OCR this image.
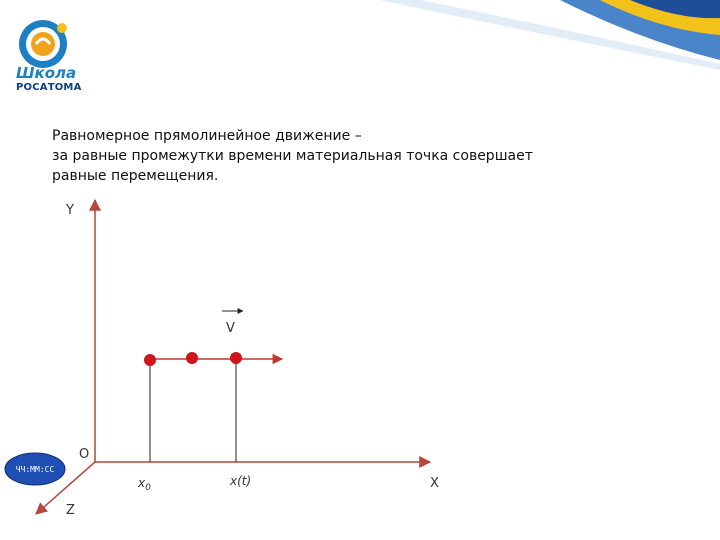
Школа
РОСАТОМА
Равномерное прямолинейное движение –
за равные промежутки времени материальная точка совершает
равные перемещения.
Y
X
Z
O
V
$x_0$	x(t)
ЧЧ:ММ:СС
